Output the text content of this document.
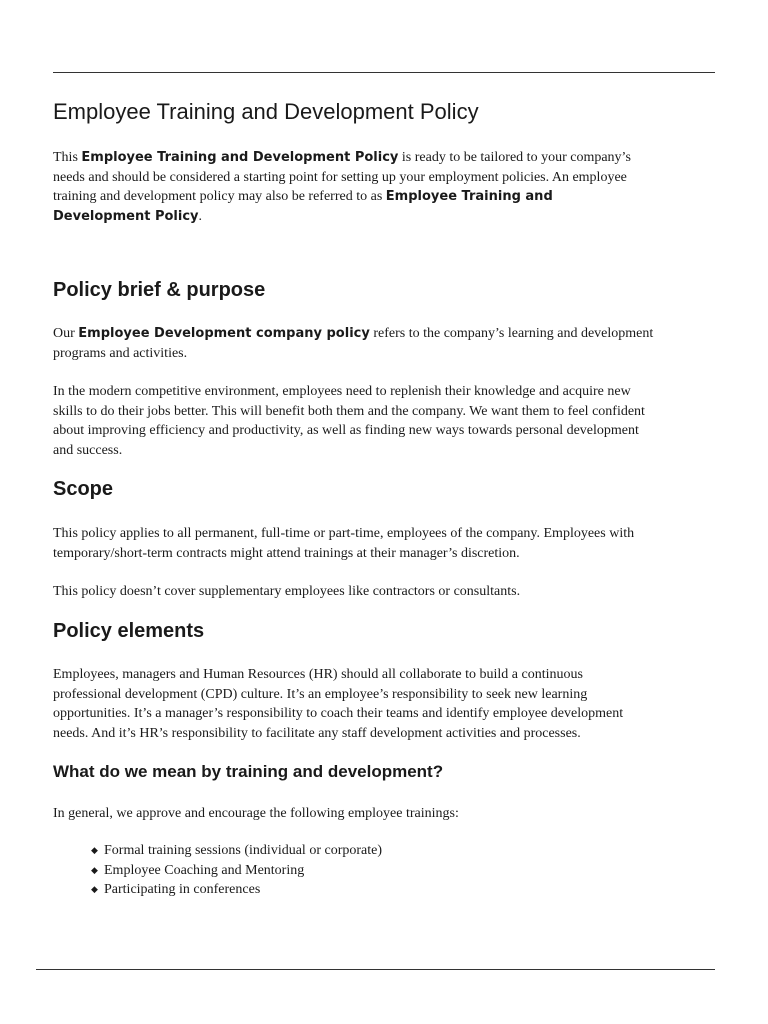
Employee Training and Development Policy

This Employee Training and Development Policy is ready to be tailored to your company’s
needs and should be considered a starting point for setting up your employment policies. An employee
training and development policy may also be referred to as Employee Training and
Development Policy.

Policy brief & purpose

Our Employee Development company policy refers to the company’s learning and development
programs and activities.

In the modern competitive environment, employees need to replenish their knowledge and acquire new
skills to do their jobs better. This will benefit both them and the company. We want them to feel confident
about improving efficiency and productivity, as well as finding new ways towards personal development
and success.

Scope

This policy applies to all permanent, full-time or part-time, employees of the company. Employees with
temporary/short-term contracts might attend trainings at their manager’s discretion.

This policy doesn’t cover supplementary employees like contractors or consultants.

Policy elements

Employees, managers and Human Resources (HR) should all collaborate to build a continuous
professional development (CPD) culture. It’s an employee’s responsibility to seek new learning
opportunities. It’s a manager’s responsibility to coach their teams and identify employee development
needs. And it’s HR’s responsibility to facilitate any staff development activities and processes.

What do we mean by training and development?

In general, we approve and encourage the following employee trainings:

◆ Formal training sessions (individual or corporate)
◆ Employee Coaching and Mentoring
◆ Participating in conferences
